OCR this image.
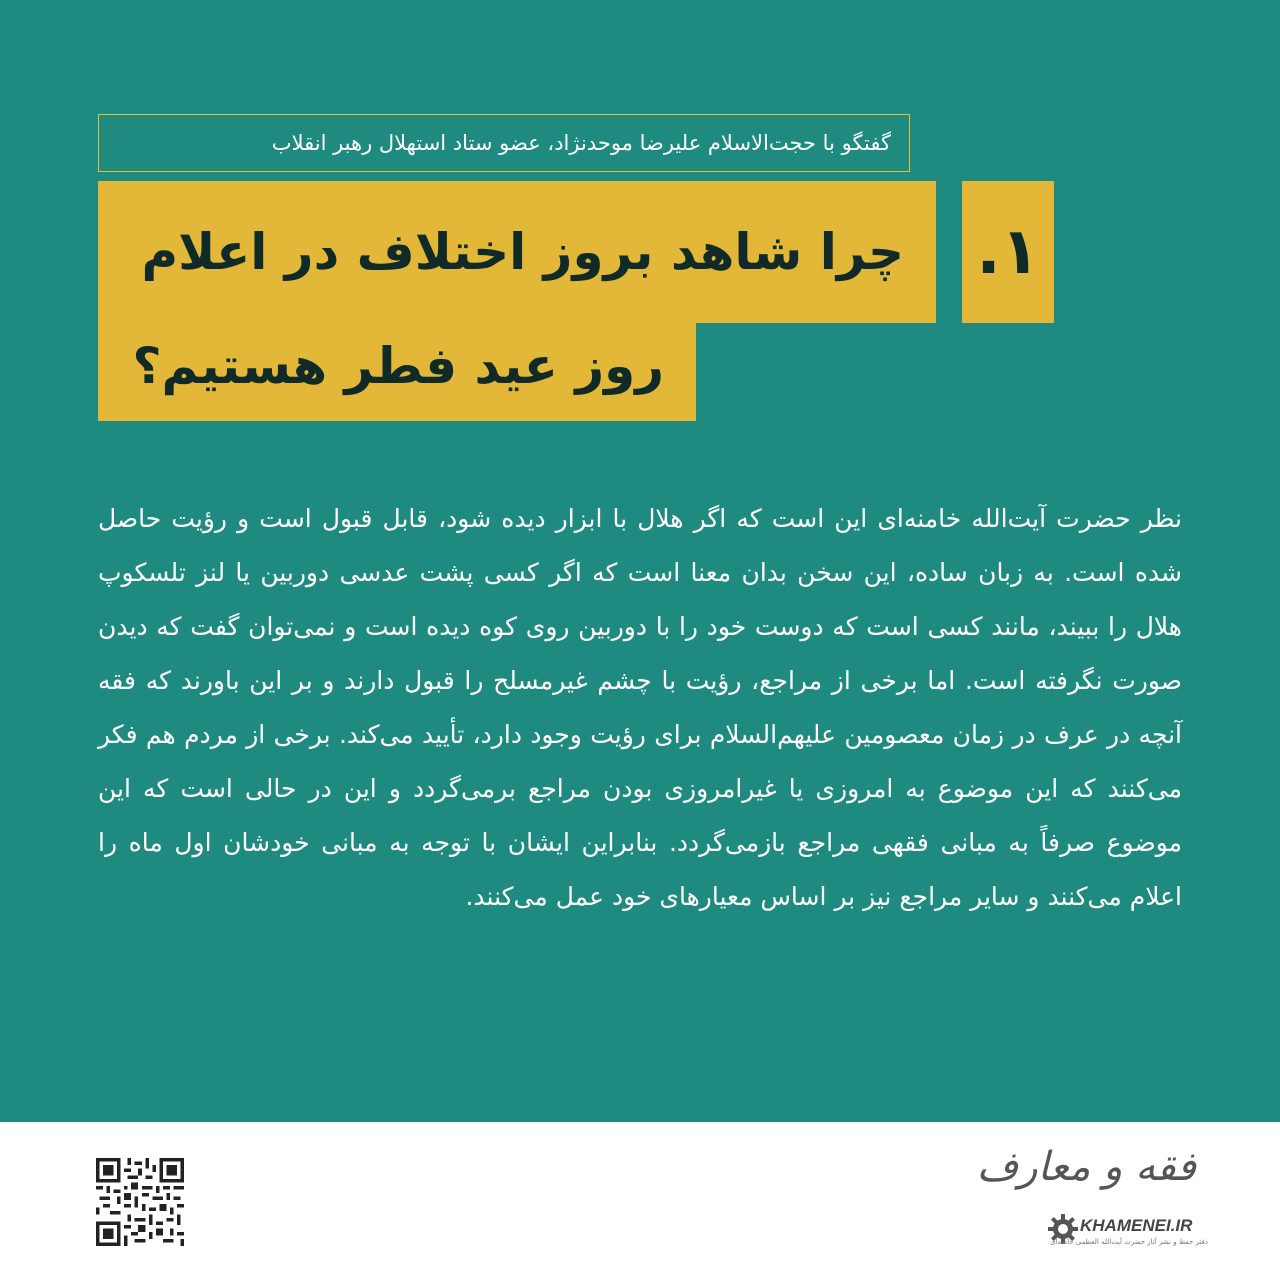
گفتگو با حجت‌الاسلام علیرضا موحدنژاد، عضو ستاد استهلال رهبر انقلاب
۱.
چرا شاهد بروز اختلاف در اعلام
روز عید فطر هستیم؟
نظر حضرت آیت‌الله خامنه‌ای این است که اگر هلال با ابزار دیده شود، قابل قبول است و رؤیت حاصل شده است. به زبان ساده، این سخن بدان معنا است که اگر کسی پشت عدسی دوربین یا لنز تلسکوپ هلال را ببیند، مانند کسی است که دوست خود را با دوربین روی کوه دیده است و نمی‌توان گفت که دیدن صورت نگرفته است. اما برخی از مراجع، رؤیت با چشم غیرمسلح را قبول دارند و بر این باورند که فقه آنچه در عرف در زمان معصومین علیهم‌السلام برای رؤیت وجود دارد، تأیید می‌کند. برخی از مردم هم فکر می‌کنند که این موضوع به امروزی یا غیرامروزی بودن مراجع برمی‌گردد و این در حالی است که این موضوع صرفاً به مبانی فقهی مراجع بازمی‌گردد. بنابراین ایشان با توجه به مبانی خودشان اول ماه را اعلام می‌کنند و سایر مراجع نیز بر اساس معیارهای خود عمل می‌کنند.
فقه و معارف
KHAMENEI.IR
دفتر حفظ و نشر آثار حضرت آیت‌الله العظمی خامنه‌ای
